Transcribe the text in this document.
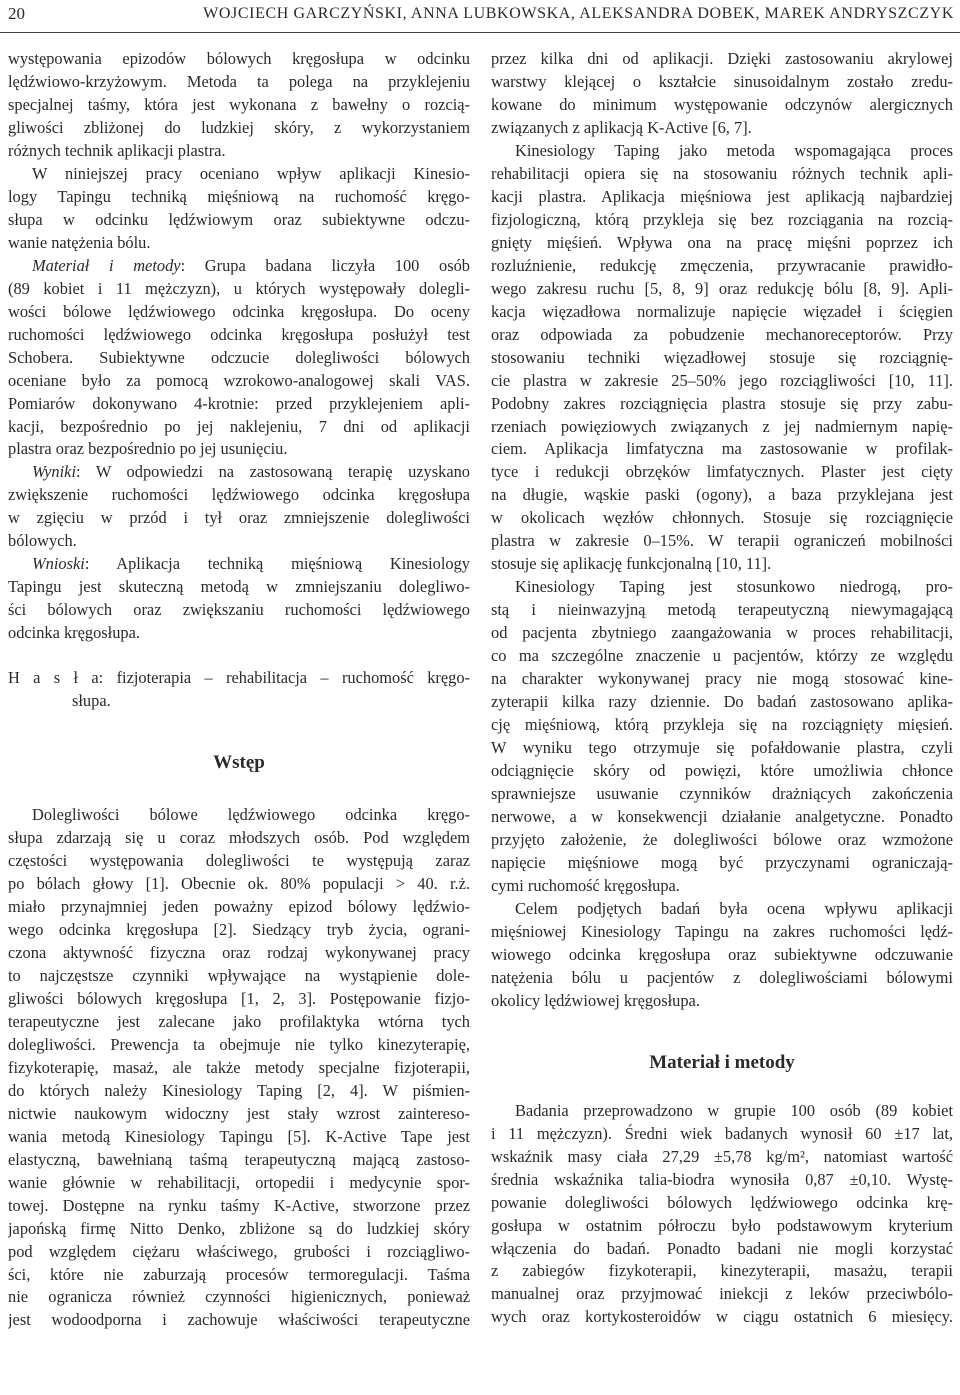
20	WOJCIECH GARCZYŃSKI, ANNA LUBKOWSKA, ALEKSANDRA DOBEK, MAREK ANDRYSZCZYK
występowania epizodów bólowych kręgosłupa w odcinku
lędźwiowo-krzyżowym. Metoda ta polega na przyklejeniu
specjalnej taśmy, która jest wykonana z bawełny o rozcią-
gliwości zbliżonej do ludzkiej skóry, z wykorzystaniem
różnych technik aplikacji plastra.
W niniejszej pracy oceniano wpływ aplikacji Kinesio-
logy Tapingu techniką mięśniową na ruchomość kręgo-
słupa w odcinku lędźwiowym oraz subiektywne odczu-
wanie natężenia bólu.
Materiał i metody: Grupa badana liczyła 100 osób
(89 kobiet i 11 mężczyzn), u których występowały dolegli-
wości bólowe lędźwiowego odcinka kręgosłupa. Do oceny
ruchomości lędźwiowego odcinka kręgosłupa posłużył test
Schobera. Subiektywne odczucie dolegliwości bólowych
oceniane było za pomocą wzrokowo-analogowej skali VAS.
Pomiarów dokonywano 4-krotnie: przed przyklejeniem apli-
kacji, bezpośrednio po jej naklejeniu, 7 dni od aplikacji
plastra oraz bezpośrednio po jej usunięciu.
Wyniki: W odpowiedzi na zastosowaną terapię uzyskano
zwiększenie ruchomości lędźwiowego odcinka kręgosłupa
w zgięciu w przód i tył oraz zmniejszenie dolegliwości
bólowych.
Wnioski: Aplikacja techniką mięśniową Kinesiology
Tapingu jest skuteczną metodą w zmniejszaniu dolegliwo-
ści bólowych oraz zwiększaniu ruchomości lędźwiowego
odcinka kręgosłupa.
H a s ł a: fizjoterapia – rehabilitacja – ruchomość kręgo-
słupa.
Wstęp
Dolegliwości bólowe lędźwiowego odcinka kręgo-
słupa zdarzają się u coraz młodszych osób. Pod względem
częstości występowania dolegliwości te występują zaraz
po bólach głowy [1]. Obecnie ok. 80% populacji > 40. r.ż.
miało przynajmniej jeden poważny epizod bólowy lędźwio-
wego odcinka kręgosłupa [2]. Siedzący tryb życia, ograni-
czona aktywność fizyczna oraz rodzaj wykonywanej pracy
to najczęstsze czynniki wpływające na wystąpienie dole-
gliwości bólowych kręgosłupa [1, 2, 3]. Postępowanie fizjo-
terapeutyczne jest zalecane jako profilaktyka wtórna tych
dolegliwości. Prewencja ta obejmuje nie tylko kinezyterapię,
fizykoterapię, masaż, ale także metody specjalne fizjoterapii,
do których należy Kinesiology Taping [2, 4]. W piśmien-
nictwie naukowym widoczny jest stały wzrost zainteresо-
wania metodą Kinesiology Tapingu [5]. K-Active Tape jest
elastyczną, bawełnianą taśmą terapeutyczną mającą zastoso-
wanie głównie w rehabilitacji, ortopedii i medycynie spor-
towej. Dostępne na rynku taśmy K-Active, stworzone przez
japońską firmę Nitto Denko, zbliżone są do ludzkiej skóry
pod względem ciężaru właściwego, grubości i rozciągliwo-
ści, które nie zaburzają procesów termoregulacji. Taśma
nie ogranicza również czynności higienicznych, ponieważ
jest wodoodporna i zachowuje właściwości terapeutyczne
przez kilka dni od aplikacji. Dzięki zastosowaniu akrylowej
warstwy klejącej o kształcie sinusoidalnym zostało zredu-
kowane do minimum występowanie odczynów alergicznych
związanych z aplikacją K-Active [6, 7].
Kinesiology Taping jako metoda wspomagająca proces
rehabilitacji opiera się na stosowaniu różnych technik apli-
kacji plastra. Aplikacja mięśniowa jest aplikacją najbardziej
fizjologiczną, którą przykleja się bez rozciągania na rozcią-
gnięty mięśień. Wpływa ona na pracę mięśni poprzez ich
rozluźnienie, redukcję zmęczenia, przywracanie prawidło-
wego zakresu ruchu [5, 8, 9] oraz redukcję bólu [8, 9]. Apli-
kacja więzadłowa normalizuje napięcie więzadeł i ścięgien
oraz odpowiada za pobudzenie mechanoreceptorów. Przy
stosowaniu techniki więzadłowej stosuje się rozciągnię-
cie plastra w zakresie 25–50% jego rozciągliwości [10, 11].
Podobny zakres rozciągnięcia plastra stosuje się przy zabu-
rzeniach powięziowych związanych z jej nadmiernym napię-
ciem. Aplikacja limfatyczna ma zastosowanie w profilak-
tyce i redukcji obrzęków limfatycznych. Plaster jest cięty
na długie, wąskie paski (ogony), a baza przyklejana jest
w okolicach węzłów chłonnych. Stosuje się rozciągnięcie
plastra w zakresie 0–15%. W terapii ograniczeń mobilności
stosuje się aplikację funkcjonalną [10, 11].
Kinesiology Taping jest stosunkowo niedrogą, pro-
stą i nieinwazyjną metodą terapeutyczną niewymagającą
od pacjenta zbytniego zaangażowania w proces rehabilitacji,
co ma szczególne znaczenie u pacjentów, którzy ze względu
na charakter wykonywanej pracy nie mogą stosować kine-
zyterapii kilka razy dziennie. Do badań zastosowano aplika-
cję mięśniową, którą przykleja się na rozciągnięty mięsień.
W wyniku tego otrzymuje się pofałdowanie plastra, czyli
odciągnięcie skóry od powięzi, które umożliwia chłonce
sprawniejsze usuwanie czynników drażniących zakończenia
nerwowe, a w konsekwencji działanie analgetyczne. Ponadto
przyjęto założenie, że dolegliwości bólowe oraz wzmożone
napięcie mięśniowe mogą być przyczynami ograniczają-
cymi ruchomość kręgosłupa.
Celem podjętych badań była ocena wpływu aplikacji
mięśniowej Kinesiology Tapingu na zakres ruchomości lędź-
wiowego odcinka kręgosłupa oraz subiektywne odczuwanie
natężenia bólu u pacjentów z dolegliwościami bólowymi
okolicy lędźwiowej kręgosłupa.
Materiał i metody
Badania przeprowadzono w grupie 100 osób (89 kobiet
i 11 mężczyzn). Średni wiek badanych wynosił 60 ±17 lat,
wskaźnik masy ciała 27,29 ±5,78 kg/m², natomiast wartość
średnia wskaźnika talia-biodra wynosiła 0,87 ±0,10. Wystę-
powanie dolegliwości bólowych lędźwiowego odcinka krę-
gosłupa w ostatnim półroczu było podstawowym kryterium
włączenia do badań. Ponadto badani nie mogli korzystać
z zabiegów fizykoterapii, kinezyterapii, masażu, terapii
manualnej oraz przyjmować iniekcji z leków przeciwbólo-
wych oraz kortykosteroidów w ciągu ostatnich 6 miesięcy.
